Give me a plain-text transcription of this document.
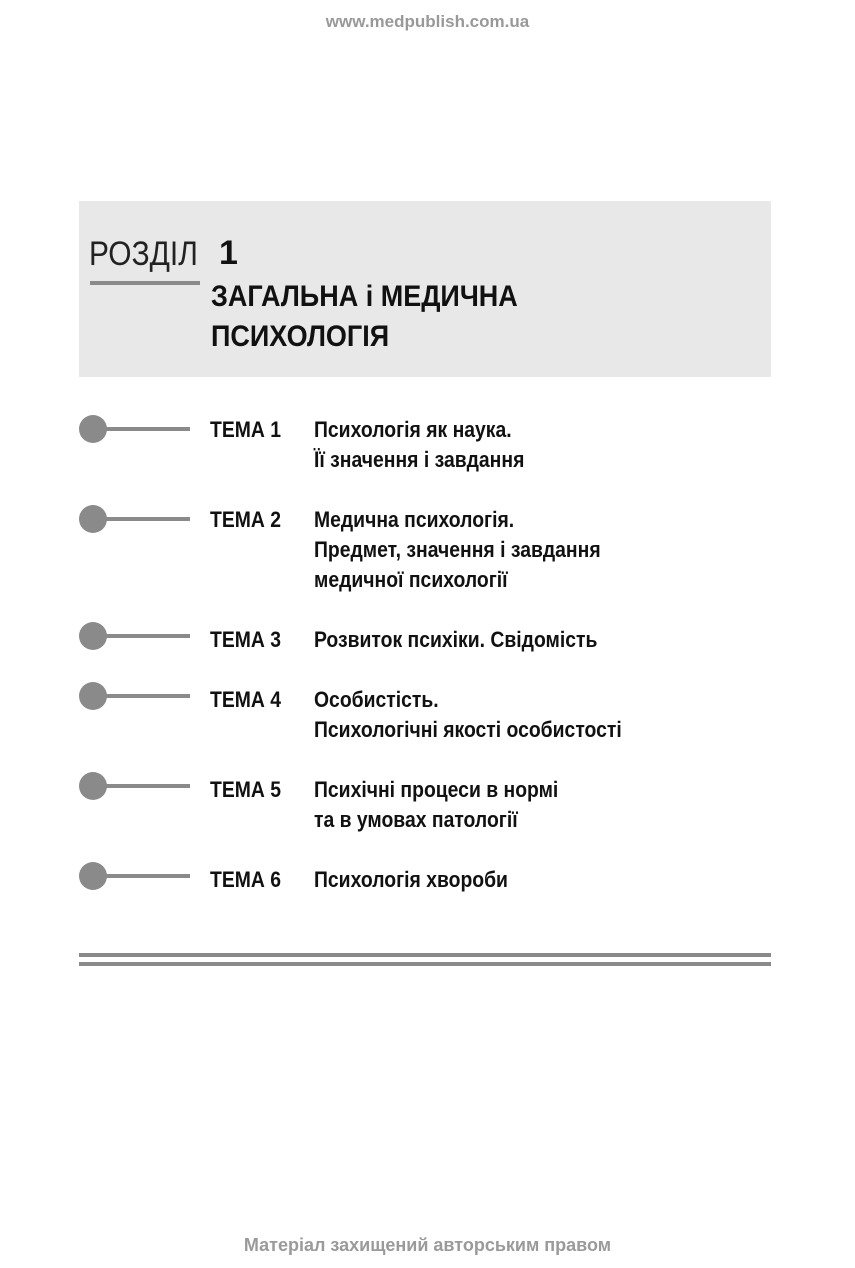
www.medpublish.com.ua
РОЗДІЛ 1
ЗАГАЛЬНА і МЕДИЧНА
ПСИХОЛОГІЯ
ТЕМА 1 Психологія як наука.
Її значення і завдання
ТЕМА 2 Медична психологія.
Предмет, значення і завдання
медичної психології
ТЕМА 3 Розвиток психіки. Свідомість
ТЕМА 4 Особистість.
Психологічні якості особистості
ТЕМА 5 Психічні процеси в нормі
та в умовах патології
ТЕМА 6 Психологія хвороби
Матеріал захищений авторським правом
